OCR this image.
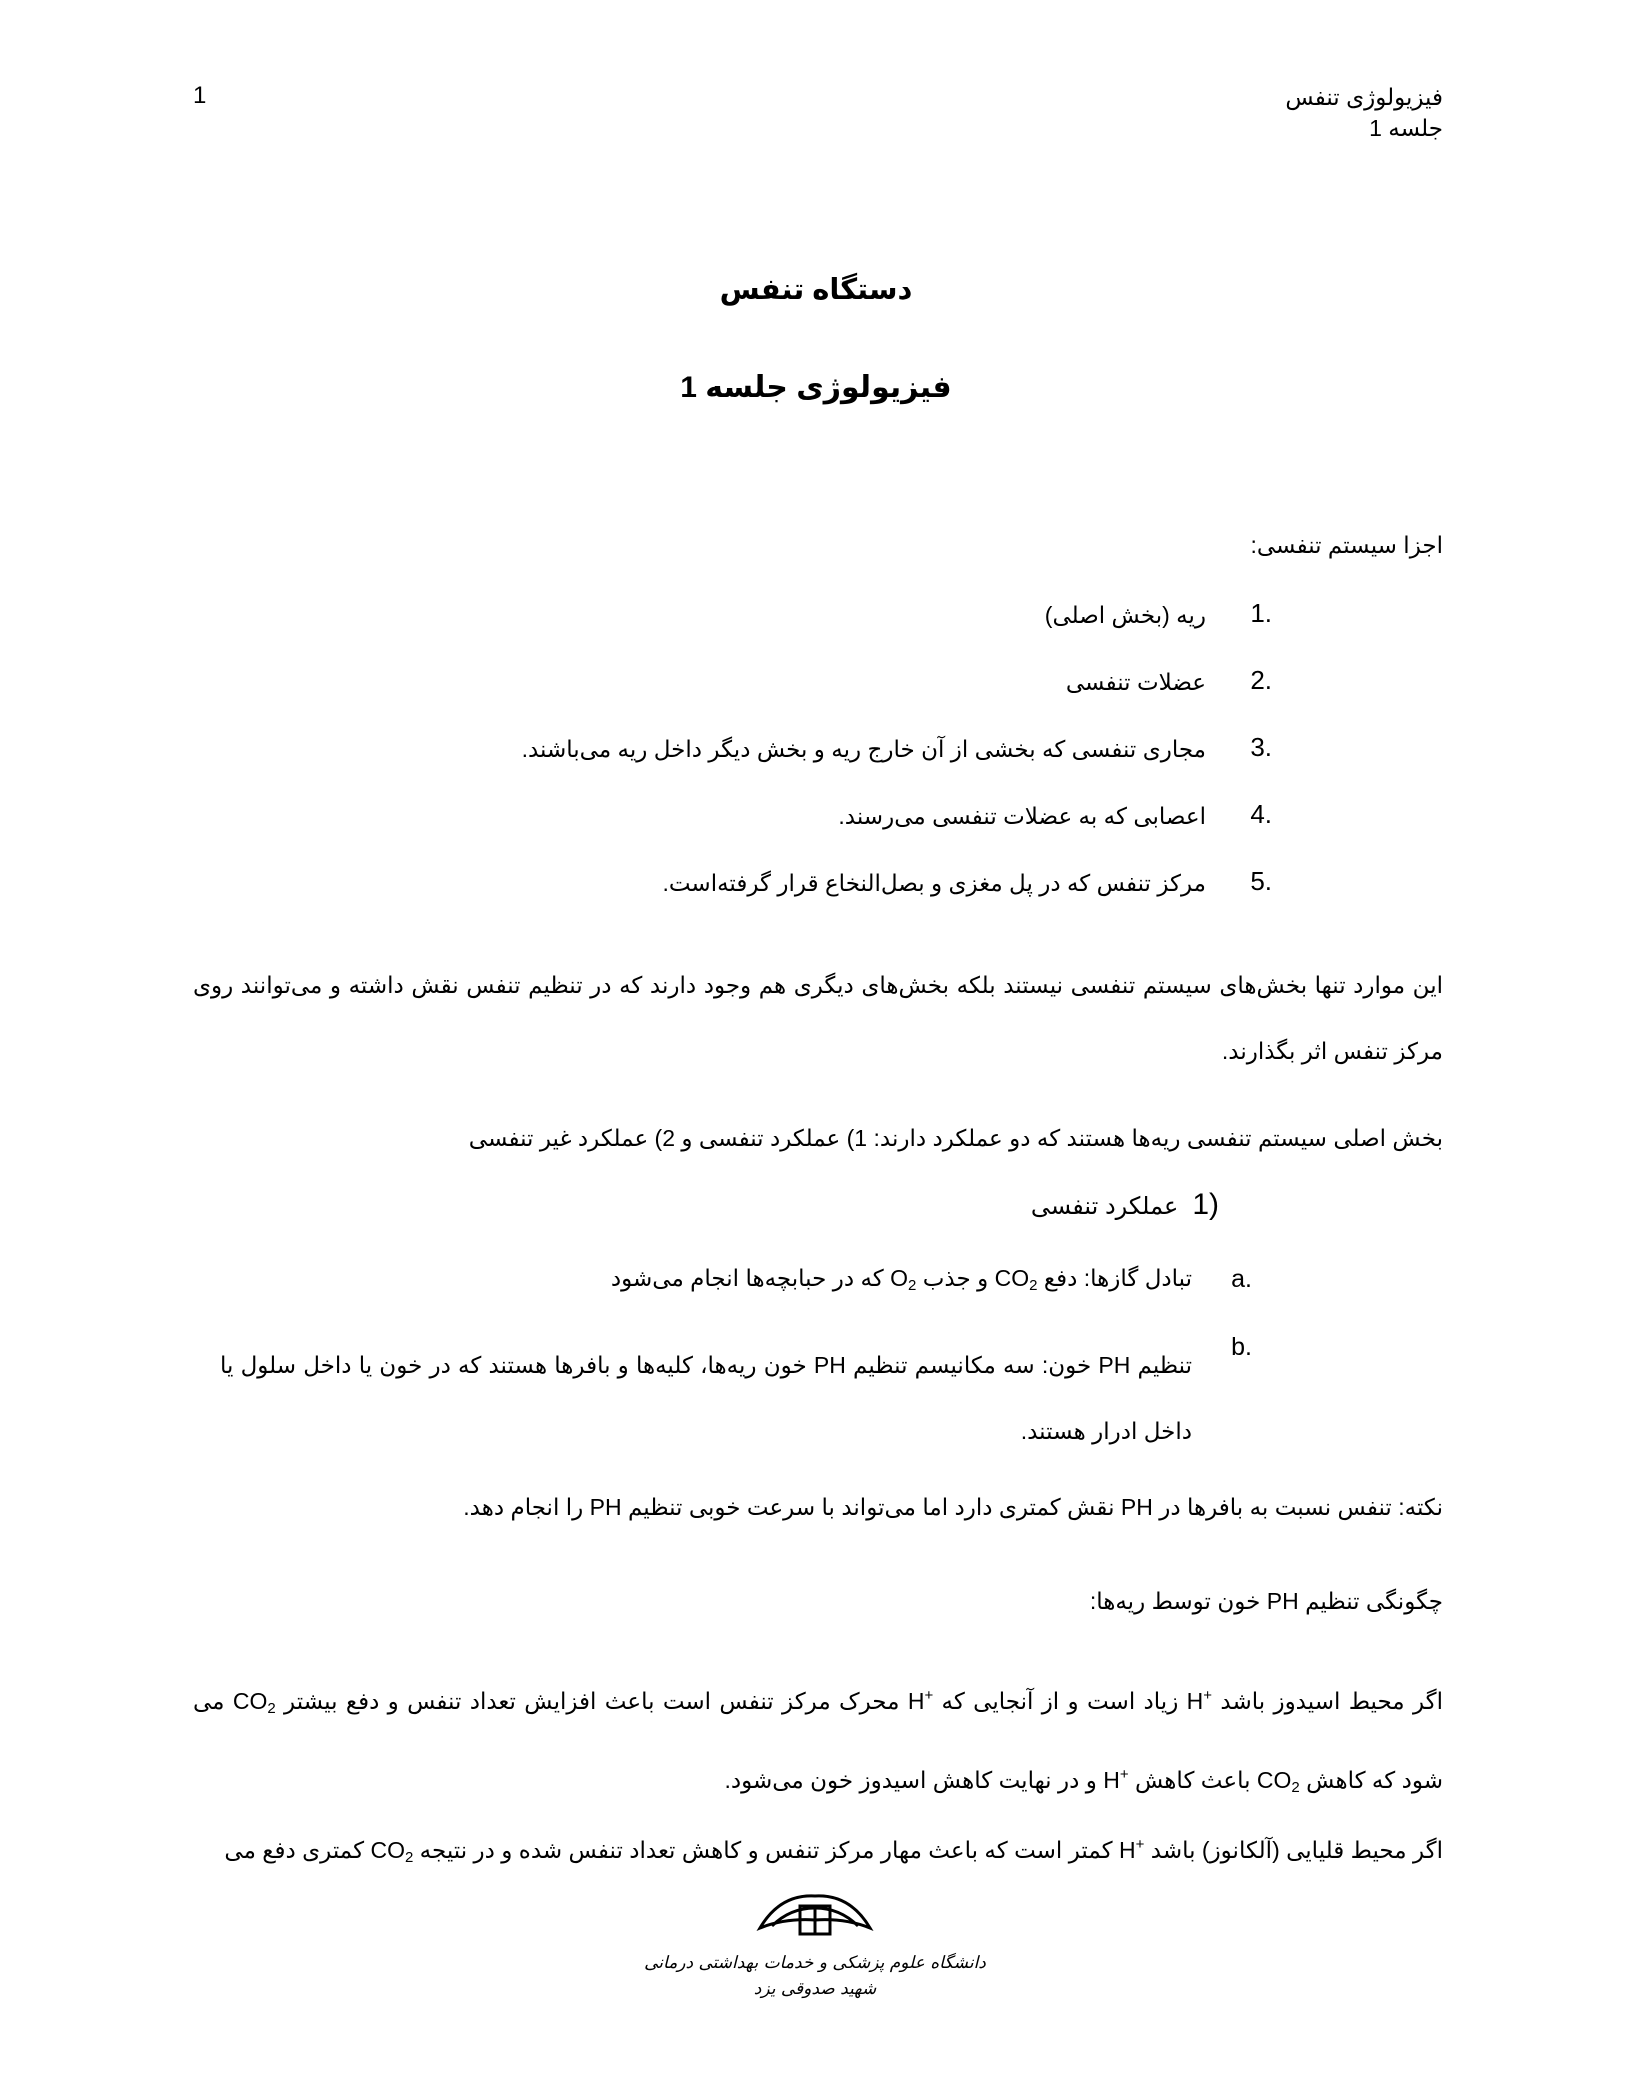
1	فیزیولوژی تنفس
جلسه 1
دستگاه تنفس
فیزیولوژی جلسه 1
اجزا سیستم تنفسی:
1.
ریه (بخش اصلی)
2.
عضلات تنفسی
3.
مجاری تنفسی که بخشی از آن خارج ریه و بخش دیگر داخل ریه می‌باشند.
4.
اعصابی که به عضلات تنفسی می‌رسند.
5.
مرکز تنفس که در پل مغزی و بصل‌النخاع قرار گرفته‌است.
این موارد تنها بخش‌های سیستم تنفسی نیستند بلکه بخش‌های دیگری هم وجود دارند که در تنظیم تنفس نقش داشته و می‌توانند روی مرکز تنفس اثر بگذارند.
بخش اصلی سیستم تنفسی ریه‌ها هستند که دو عملکرد دارند: 1) عملکرد تنفسی و 2) عملکرد غیر تنفسی
1)عملکرد تنفسی
a.
تبادل گازها: دفع $CO_2$ و جذب $O_2$ که در حبابچه‌ها انجام می‌شود
b.
تنظیم PH خون: سه مکانیسم تنظیم PH خون ریه‌ها، کلیه‌ها و بافرها هستند که در خون یا داخل سلول یا داخل ادرار هستند.
نکته: تنفس نسبت به بافرها در PH نقش کمتری دارد اما می‌تواند با سرعت خوبی تنظیم PH را انجام دهد.
چگونگی تنظیم PH خون توسط ریه‌ها:
اگر محیط اسیدوز باشد H+ زیاد است و از آنجایی که H+ محرک مرکز تنفس است باعث افزایش تعداد تنفس و دفع بیشتر $CO_2$ می شود که کاهش $CO_2$ باعث کاهش H+ و در نهایت کاهش اسیدوز خون می‌شود.
اگر محیط قلیایی (آلکانوز) باشد H+ کمتر است که باعث مهار مرکز تنفس و کاهش تعداد تنفس شده و در نتیجه $CO_2$ کمتری دفع می
دانشگاه علوم پزشکی و خدمات بهداشتی درمانی
شهید صدوقی یزد
